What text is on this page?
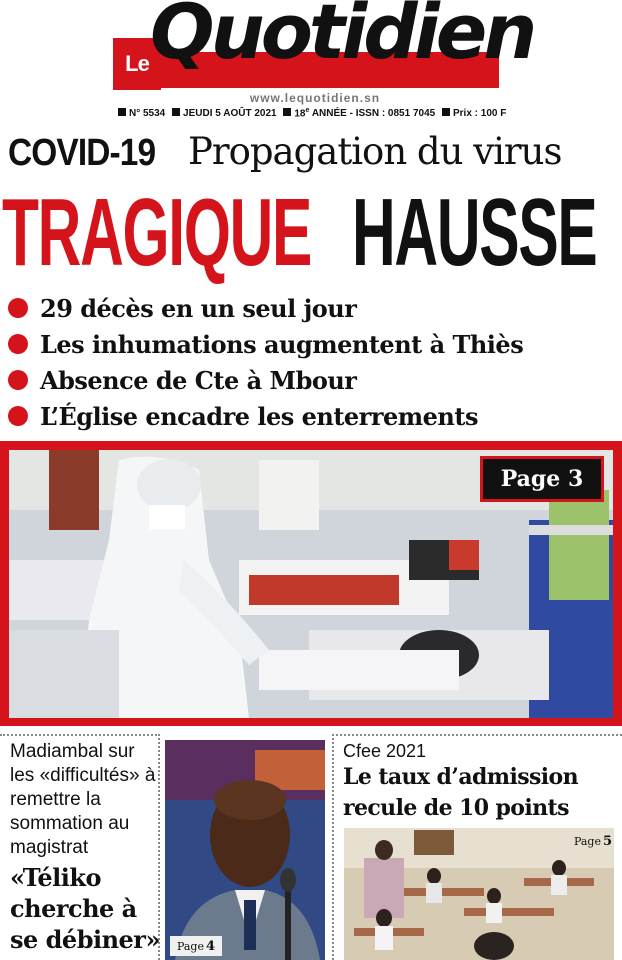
Le Quotidien
www.lequotidien.sn
N° 5534 JEUDI 5 AOÛT 2021 18e ANNÉE - ISSN : 0851 7045 Prix : 100 F
COVID-19 Propagation du virus
TRAGIQUE HAUSSE
29 décès en un seul jour
Les inhumations augmentent à Thiès
Absence de Cte à Mbour
L’Église encadre les enterrements
Page 3
Madiambal sur les «difficultés» à remettre la sommation au magistrat
«Téliko cherche à se débiner»	Page 4
Cfee 2021
Le taux d’admission
recule de 10 points
Page 5
